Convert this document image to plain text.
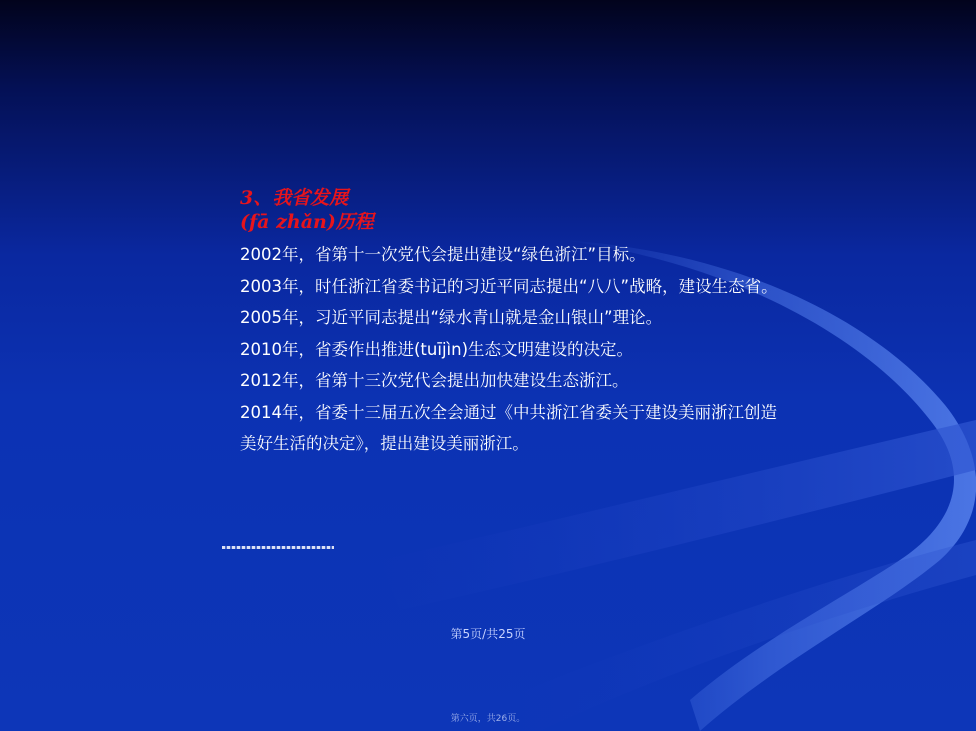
3、我省发展
(fā zhǎn)历程

2002年，省第十一次党代会提出建设“绿色浙江”目标。
2003年，时任浙江省委书记的习近平同志提出“八八”战略，建设生态省。
2005年，习近平同志提出“绿水青山就是金山银山”理论。
2010年，省委作出推进(tuījìn)生态文明建设的决定。
2012年，省第十三次党代会提出加快建设生态浙江。
2014年，省委十三届五次全会通过《中共浙江省委关于建设美丽浙江创造美好生活的决定》，提出建设美丽浙江。
第5页/共25页
第六页，共26页。
